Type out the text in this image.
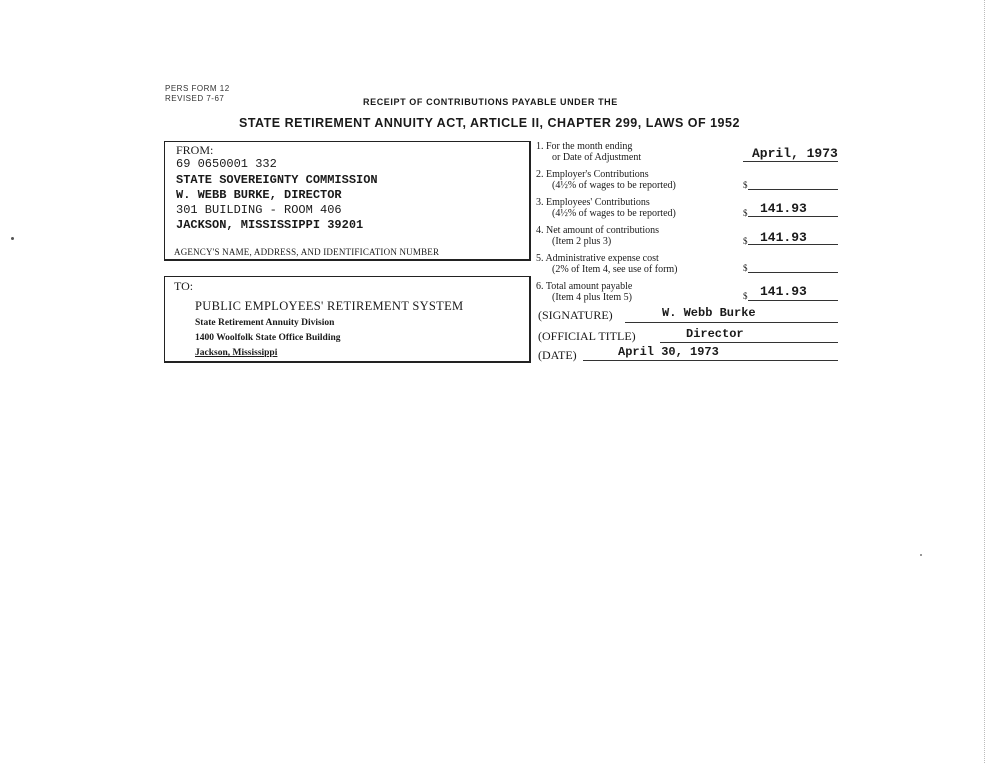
PERS FORM 12
REVISED 7-67	RECEIPT OF CONTRIBUTIONS PAYABLE UNDER THE
STATE RETIREMENT ANNUITY ACT, ARTICLE II, CHAPTER 299, LAWS OF 1952
FROM:
69 0650001 332
STATE SOVEREIGNTY COMMISSION
W. WEBB BURKE, DIRECTOR
301 BUILDING - ROOM 406
JACKSON, MISSISSIPPI 39201
AGENCY'S NAME, ADDRESS, AND IDENTIFICATION NUMBER
TO:
PUBLIC EMPLOYEES' RETIREMENT SYSTEM
State Retirement Annuity Division
1400 Woolfolk State Office Building
Jackson, Mississippi
1. For the month ending
or Date of Adjustment	April, 1973
2. Employer's Contributions
(4½% of wages to be reported)	$
3. Employees' Contributions
(4½% of wages to be reported)	$ 141.93
4. Net amount of contributions
(Item 2 plus 3)	$ 141.93
5. Administrative expense cost
(2% of Item 4, see use of form)	$
6. Total amount payable
(Item 4 plus Item 5)	$ 141.93
(SIGNATURE)	W. Webb Burke
(OFFICIAL TITLE)	Director
(DATE)	April 30, 1973
